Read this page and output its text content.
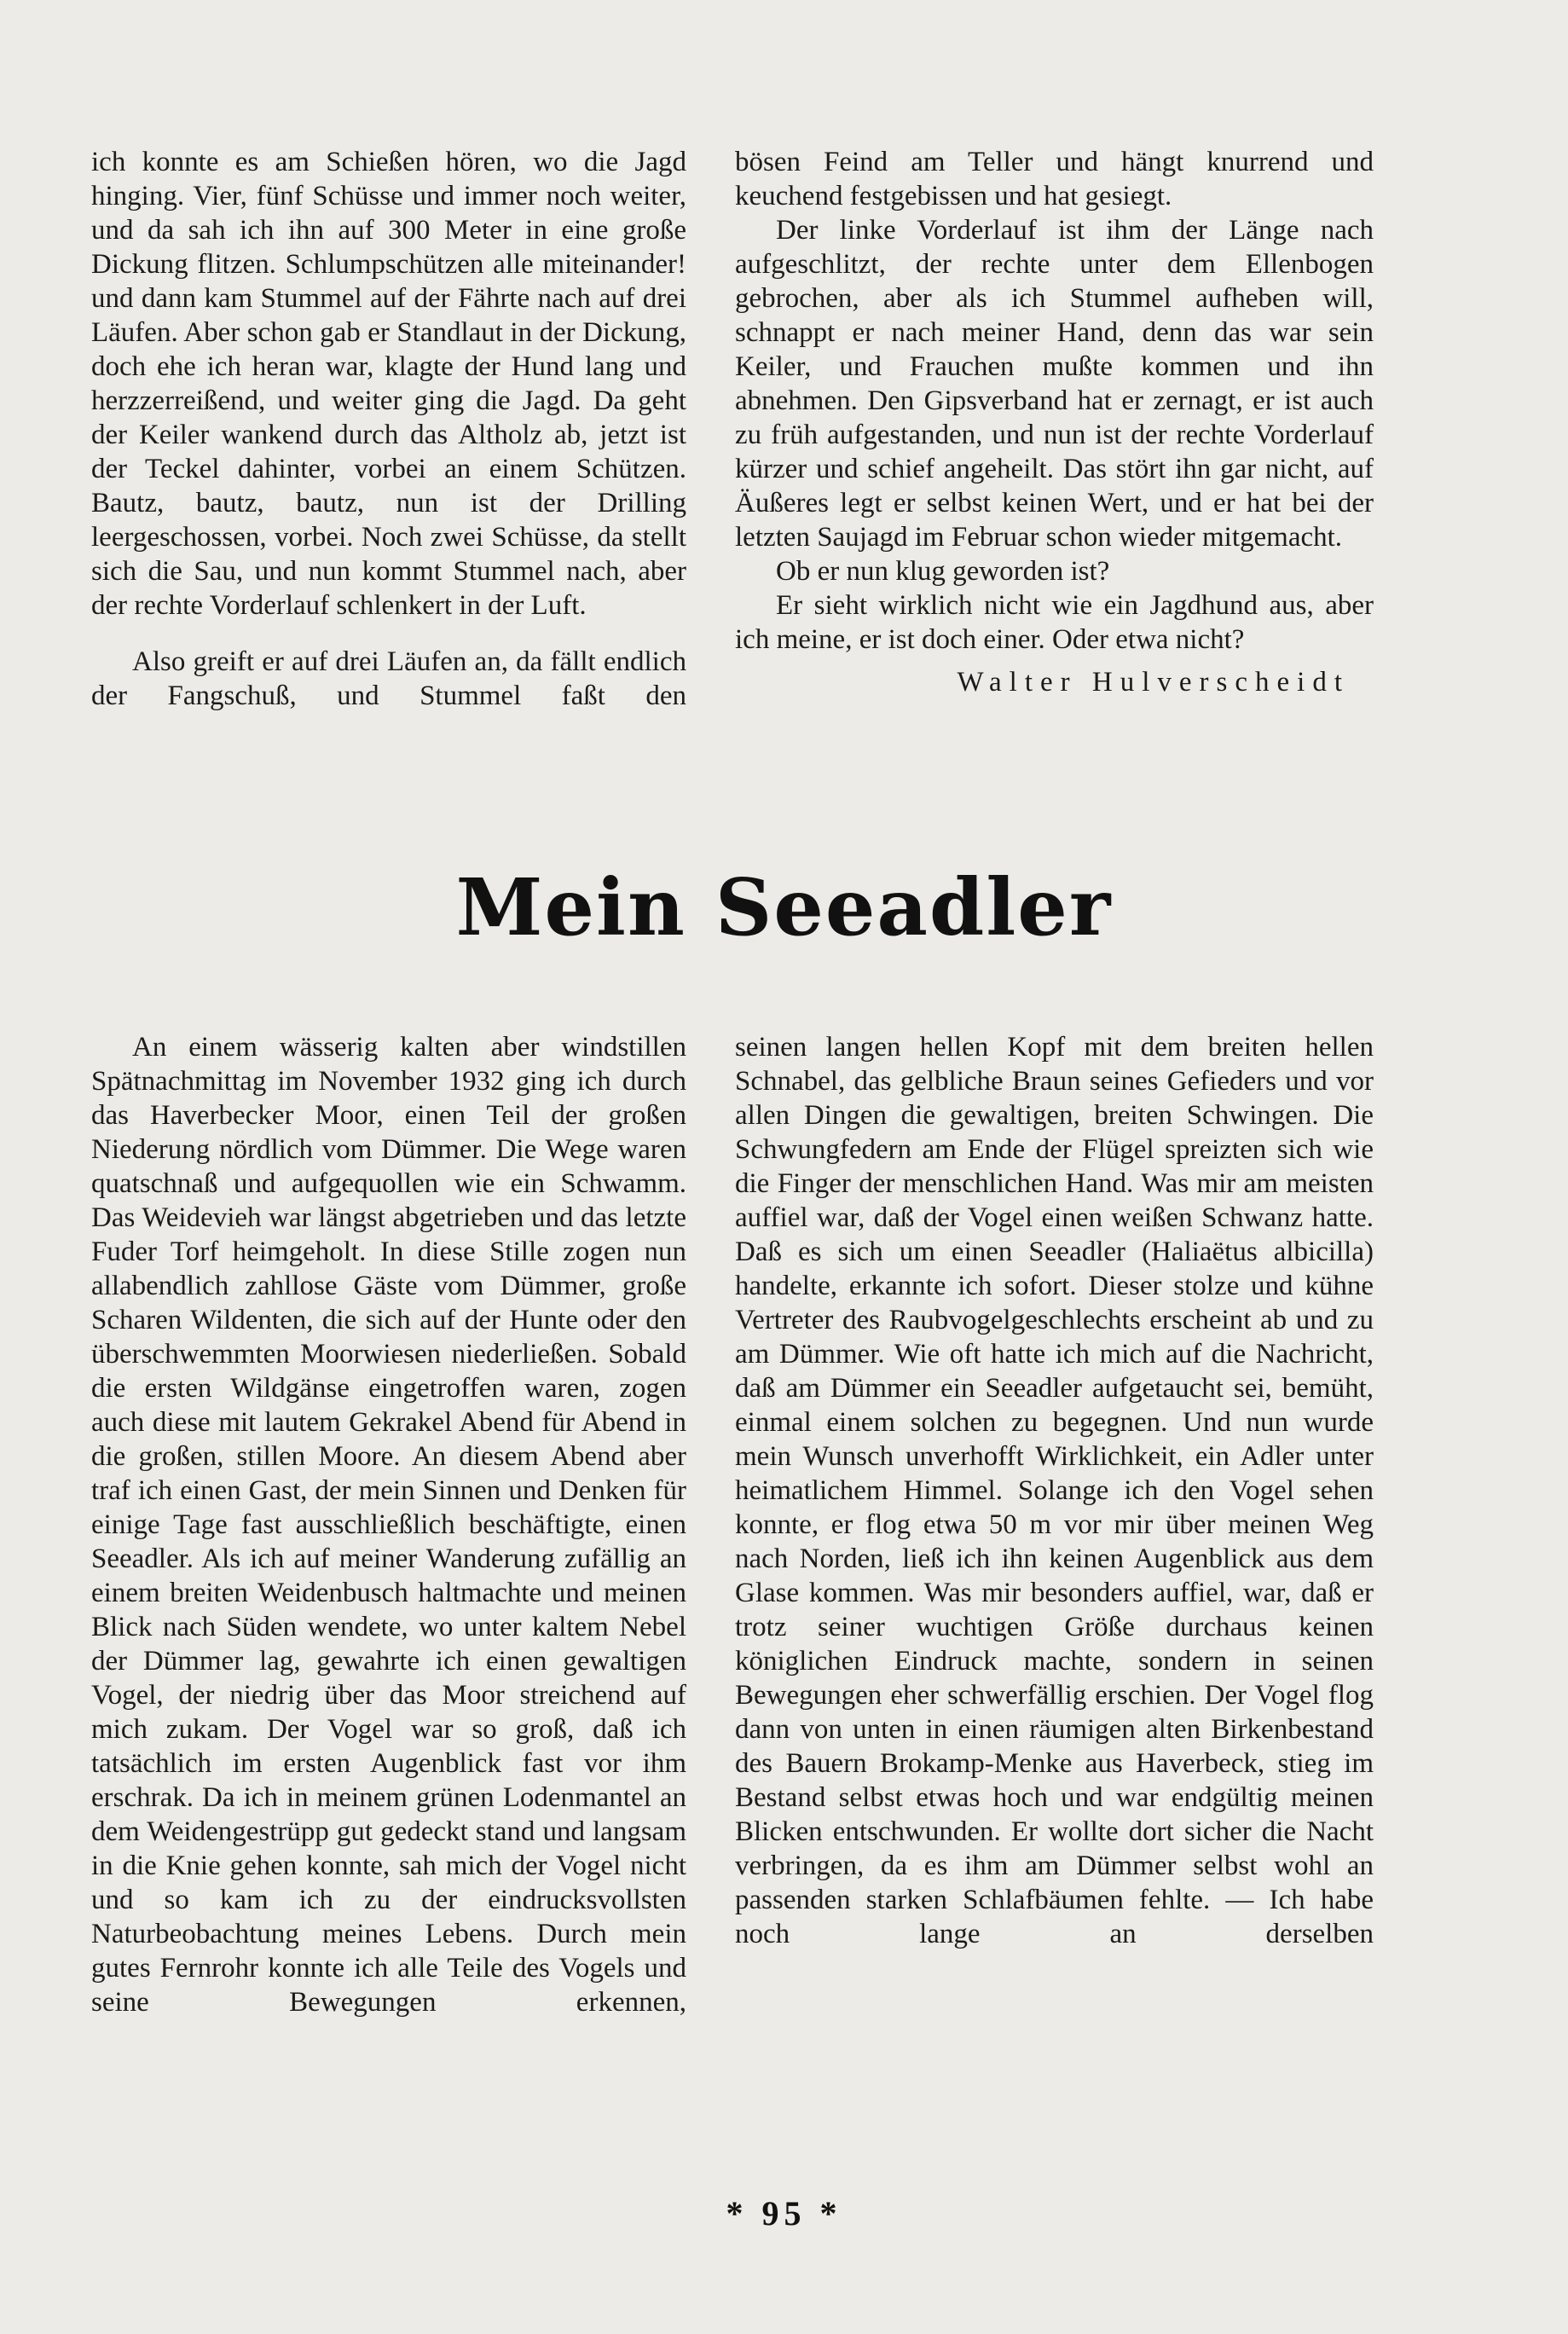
ich konnte es am Schießen hören, wo die Jagd hinging. Vier, fünf Schüsse und immer noch weiter, und da sah ich ihn auf 300 Meter in eine große Dickung flitzen. Schlumpschützen alle miteinander! und dann kam Stummel auf der Fährte nach auf drei Läufen. Aber schon gab er Standlaut in der Dickung, doch ehe ich heran war, klagte der Hund lang und herzzerreißend, und weiter ging die Jagd. Da geht der Keiler wankend durch das Altholz ab, jetzt ist der Teckel dahinter, vorbei an einem Schützen. Bautz, bautz, bautz, nun ist der Drilling leergeschossen, vorbei. Noch zwei Schüsse, da stellt sich die Sau, und nun kommt Stummel nach, aber der rechte Vorderlauf schlenkert in der Luft.

Also greift er auf drei Läufen an, da fällt endlich der Fangschuß, und Stummel faßt den

bösen Feind am Teller und hängt knurrend und keuchend festgebissen und hat gesiegt.

Der linke Vorderlauf ist ihm der Länge nach aufgeschlitzt, der rechte unter dem Ellenbogen gebrochen, aber als ich Stummel aufheben will, schnappt er nach meiner Hand, denn das war sein Keiler, und Frauchen mußte kommen und ihn abnehmen. Den Gipsverband hat er zernagt, er ist auch zu früh aufgestanden, und nun ist der rechte Vorderlauf kürzer und schief angeheilt. Das stört ihn gar nicht, auf Äußeres legt er selbst keinen Wert, und er hat bei der letzten Saujagd im Februar schon wieder mitgemacht.

Ob er nun klug geworden ist?

Er sieht wirklich nicht wie ein Jagdhund aus, aber ich meine, er ist doch einer. Oder etwa nicht?

Walter Hulverscheidt

Mein Seeadler

An einem wässerig kalten aber windstillen Spätnachmittag im November 1932 ging ich durch das Haverbecker Moor, einen Teil der großen Niederung nördlich vom Dümmer. Die Wege waren quatschnaß und aufgequollen wie ein Schwamm. Das Weidevieh war längst abgetrieben und das letzte Fuder Torf heimgeholt. In diese Stille zogen nun allabendlich zahllose Gäste vom Dümmer, große Scharen Wildenten, die sich auf der Hunte oder den überschwemmten Moorwiesen niederließen. Sobald die ersten Wildgänse eingetroffen waren, zogen auch diese mit lautem Gekrakel Abend für Abend in die großen, stillen Moore. An diesem Abend aber traf ich einen Gast, der mein Sinnen und Denken für einige Tage fast ausschließlich beschäftigte, einen Seeadler. Als ich auf meiner Wanderung zufällig an einem breiten Weidenbusch haltmachte und meinen Blick nach Süden wendete, wo unter kaltem Nebel der Dümmer lag, gewahrte ich einen gewaltigen Vogel, der niedrig über das Moor streichend auf mich zukam. Der Vogel war so groß, daß ich tatsächlich im ersten Augenblick fast vor ihm erschrak. Da ich in meinem grünen Lodenmantel an dem Weidengestrüpp gut gedeckt stand und langsam in die Knie gehen konnte, sah mich der Vogel nicht und so kam ich zu der eindrucksvollsten Naturbeobachtung meines Lebens. Durch mein gutes Fernrohr konnte ich alle Teile des Vogels und seine Bewegungen erkennen,

seinen langen hellen Kopf mit dem breiten hellen Schnabel, das gelbliche Braun seines Gefieders und vor allen Dingen die gewaltigen, breiten Schwingen. Die Schwungfedern am Ende der Flügel spreizten sich wie die Finger der menschlichen Hand. Was mir am meisten auffiel war, daß der Vogel einen weißen Schwanz hatte. Daß es sich um einen Seeadler (Haliaëtus albicilla) handelte, erkannte ich sofort. Dieser stolze und kühne Vertreter des Raubvogelgeschlechts erscheint ab und zu am Dümmer. Wie oft hatte ich mich auf die Nachricht, daß am Dümmer ein Seeadler aufgetaucht sei, bemüht, einmal einem solchen zu begegnen. Und nun wurde mein Wunsch unverhofft Wirklichkeit, ein Adler unter heimatlichem Himmel. Solange ich den Vogel sehen konnte, er flog etwa 50 m vor mir über meinen Weg nach Norden, ließ ich ihn keinen Augenblick aus dem Glase kommen. Was mir besonders auffiel, war, daß er trotz seiner wuchtigen Größe durchaus keinen königlichen Eindruck machte, sondern in seinen Bewegungen eher schwerfällig erschien. Der Vogel flog dann von unten in einen räumigen alten Birkenbestand des Bauern Brokamp-Menke aus Haverbeck, stieg im Bestand selbst etwas hoch und war endgültig meinen Blicken entschwunden. Er wollte dort sicher die Nacht verbringen, da es ihm am Dümmer selbst wohl an passenden starken Schlafbäumen fehlte. — Ich habe noch lange an derselben

* 95 *
